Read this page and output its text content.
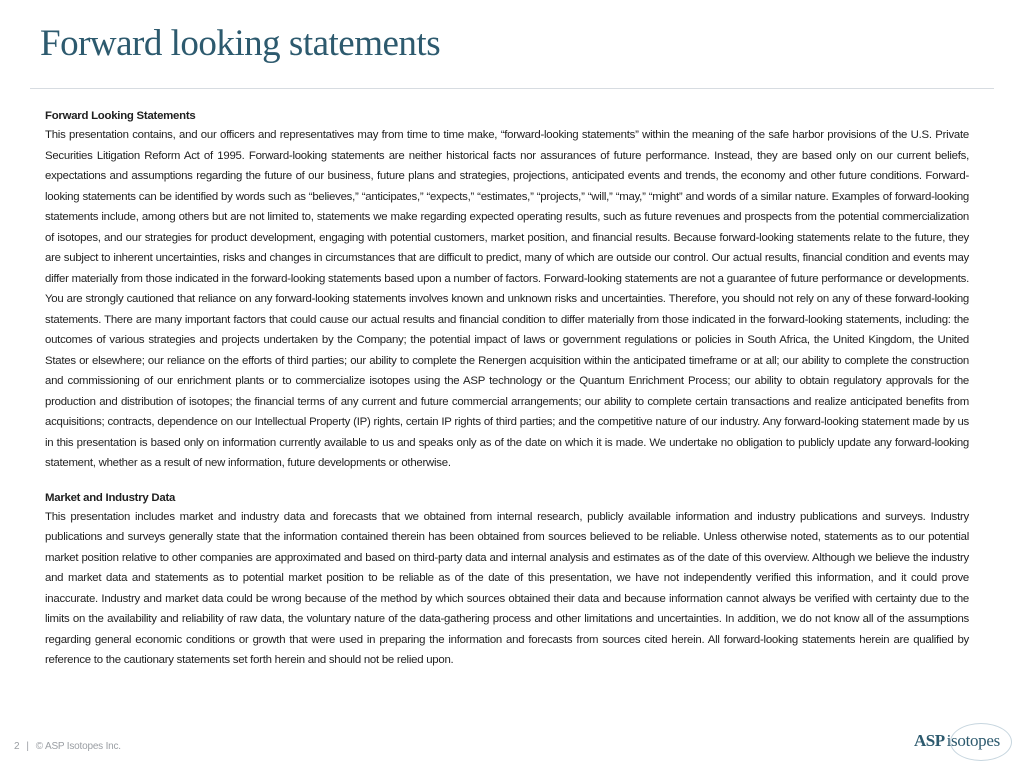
Forward looking statements

Forward Looking Statements

This presentation contains, and our officers and representatives may from time to time make, “forward-looking statements” within the meaning of the safe harbor provisions of the U.S. Private Securities Litigation Reform Act of 1995. Forward-looking statements are neither historical facts nor assurances of future performance. Instead, they are based only on our current beliefs, expectations and assumptions regarding the future of our business, future plans and strategies, projections, anticipated events and trends, the economy and other future conditions. Forward-looking statements can be identified by words such as “believes,” “anticipates,” “expects,” “estimates,” “projects,” “will,” “may,” “might” and words of a similar nature. Examples of forward-looking statements include, among others but are not limited to, statements we make regarding expected operating results, such as future revenues and prospects from the potential commercialization of isotopes, and our strategies for product development, engaging with potential customers, market position, and financial results. Because forward-looking statements relate to the future, they are subject to inherent uncertainties, risks and changes in circumstances that are difficult to predict, many of which are outside our control. Our actual results, financial condition and events may differ materially from those indicated in the forward-looking statements based upon a number of factors. Forward-looking statements are not a guarantee of future performance or developments. You are strongly cautioned that reliance on any forward-looking statements involves known and unknown risks and uncertainties. Therefore, you should not rely on any of these forward-looking statements. There are many important factors that could cause our actual results and financial condition to differ materially from those indicated in the forward-looking statements, including: the outcomes of various strategies and projects undertaken by the Company; the potential impact of laws or government regulations or policies in South Africa, the United Kingdom, the United States or elsewhere; our reliance on the efforts of third parties; our ability to complete the Renergen acquisition within the anticipated timeframe or at all; our ability to complete the construction and commissioning of our enrichment plants or to commercialize isotopes using the ASP technology or the Quantum Enrichment Process; our ability to obtain regulatory approvals for the production and distribution of isotopes; the financial terms of any current and future commercial arrangements; our ability to complete certain transactions and realize anticipated benefits from acquisitions; contracts, dependence on our Intellectual Property (IP) rights, certain IP rights of third parties; and the competitive nature of our industry. Any forward-looking statement made by us in this presentation is based only on information currently available to us and speaks only as of the date on which it is made. We undertake no obligation to publicly update any forward-looking statement, whether as a result of new information, future developments or otherwise.

Market and Industry Data

This presentation includes market and industry data and forecasts that we obtained from internal research, publicly available information and industry publications and surveys. Industry publications and surveys generally state that the information contained therein has been obtained from sources believed to be reliable. Unless otherwise noted, statements as to our potential market position relative to other companies are approximated and based on third-party data and internal analysis and estimates as of the date of this overview. Although we believe the industry and market data and statements as to potential market position to be reliable as of the date of this presentation, we have not independently verified this information, and it could prove inaccurate. Industry and market data could be wrong because of the method by which sources obtained their data and because information cannot always be verified with certainty due to the limits on the availability and reliability of raw data, the voluntary nature of the data-gathering process and other limitations and uncertainties. In addition, we do not know all of the assumptions regarding general economic conditions or growth that were used in preparing the information and forecasts from sources cited herein. All forward-looking statements herein are qualified by reference to the cautionary statements set forth herein and should not be relied upon.

2 | © ASP Isotopes Inc.	ASP isotopes
